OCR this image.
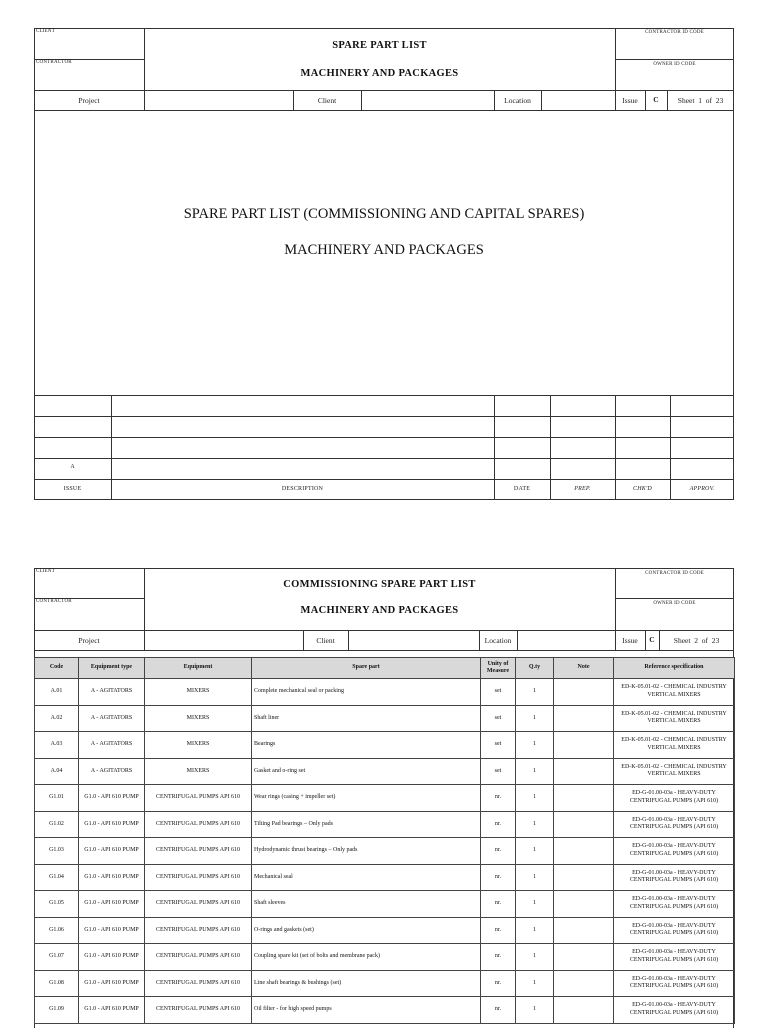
CLIENT
CONTRACTOR
SPARE PART LIST
MACHINERY AND PACKAGES
CONTRACTOR ID CODE
OWNER ID CODE
Project	Client	Location	Issue	C	Sheet  1  of  23
SPARE PART LIST (COMMISSIONING AND CAPITAL SPARES)
MACHINERY AND PACKAGES
A
ISSUE	DESCRIPTION	DATE	PREP.	CHK'D	APPROV.
CLIENT
CONTRACTOR
COMMISSIONING SPARE PART LIST
MACHINERY AND PACKAGES
CONTRACTOR ID CODE
OWNER ID CODE
Project	Client	Location	Issue	C	Sheet  2  of  23
Code	Equipment type	Equipment	Spare part	Unity of Measure	Q.ty	Note	Reference specification
A.01	A - AGITATORS	MIXERS	Complete mechanical seal or packing	set	1		ED-K-05.01-02 - CHEMICAL INDUSTRY VERTICAL MIXERS
A.02	A - AGITATORS	MIXERS	Shaft liner	set	1		ED-K-05.01-02 - CHEMICAL INDUSTRY VERTICAL MIXERS
A.03	A - AGITATORS	MIXERS	Bearings	set	1		ED-K-05.01-02 - CHEMICAL INDUSTRY VERTICAL MIXERS
A.04	A - AGITATORS	MIXERS	Gasket and o-ring set	set	1		ED-K-05.01-02 - CHEMICAL INDUSTRY VERTICAL MIXERS
G1.01	G1.0 - API 610 PUMP	CENTRIFUGAL PUMPS API 610	Wear rings (casing + impeller set)	nr.	1		ED-G-01.00-03a - HEAVY-DUTY CENTRIFUGAL PUMPS (API 610)
G1.02	G1.0 - API 610 PUMP	CENTRIFUGAL PUMPS API 610	Tilting Pad bearings – Only pads	nr.	1		ED-G-01.00-03a - HEAVY-DUTY CENTRIFUGAL PUMPS (API 610)
G1.03	G1.0 - API 610 PUMP	CENTRIFUGAL PUMPS API 610	Hydrodynamic thrust bearings – Only pads	nr.	1		ED-G-01.00-03a - HEAVY-DUTY CENTRIFUGAL PUMPS (API 610)
G1.04	G1.0 - API 610 PUMP	CENTRIFUGAL PUMPS API 610	Mechanical seal	nr.	1		ED-G-01.00-03a - HEAVY-DUTY CENTRIFUGAL PUMPS (API 610)
G1.05	G1.0 - API 610 PUMP	CENTRIFUGAL PUMPS API 610	Shaft sleeves	nr.	1		ED-G-01.00-03a - HEAVY-DUTY CENTRIFUGAL PUMPS (API 610)
G1.06	G1.0 - API 610 PUMP	CENTRIFUGAL PUMPS API 610	O-rings and gaskets (set)	nr.	1		ED-G-01.00-03a - HEAVY-DUTY CENTRIFUGAL PUMPS (API 610)
G1.07	G1.0 - API 610 PUMP	CENTRIFUGAL PUMPS API 610	Coupling spare kit (set of bolts and membrane pack)	nr.	1		ED-G-01.00-03a - HEAVY-DUTY CENTRIFUGAL PUMPS (API 610)
G1.08	G1.0 - API 610 PUMP	CENTRIFUGAL PUMPS API 610	Line shaft bearings & bushings (set)	nr.	1		ED-G-01.00-03a - HEAVY-DUTY CENTRIFUGAL PUMPS (API 610)
G1.09	G1.0 - API 610 PUMP	CENTRIFUGAL PUMPS API 610	Oil filter - for high speed pumps	nr.	1		ED-G-01.00-03a - HEAVY-DUTY CENTRIFUGAL PUMPS (API 610)
